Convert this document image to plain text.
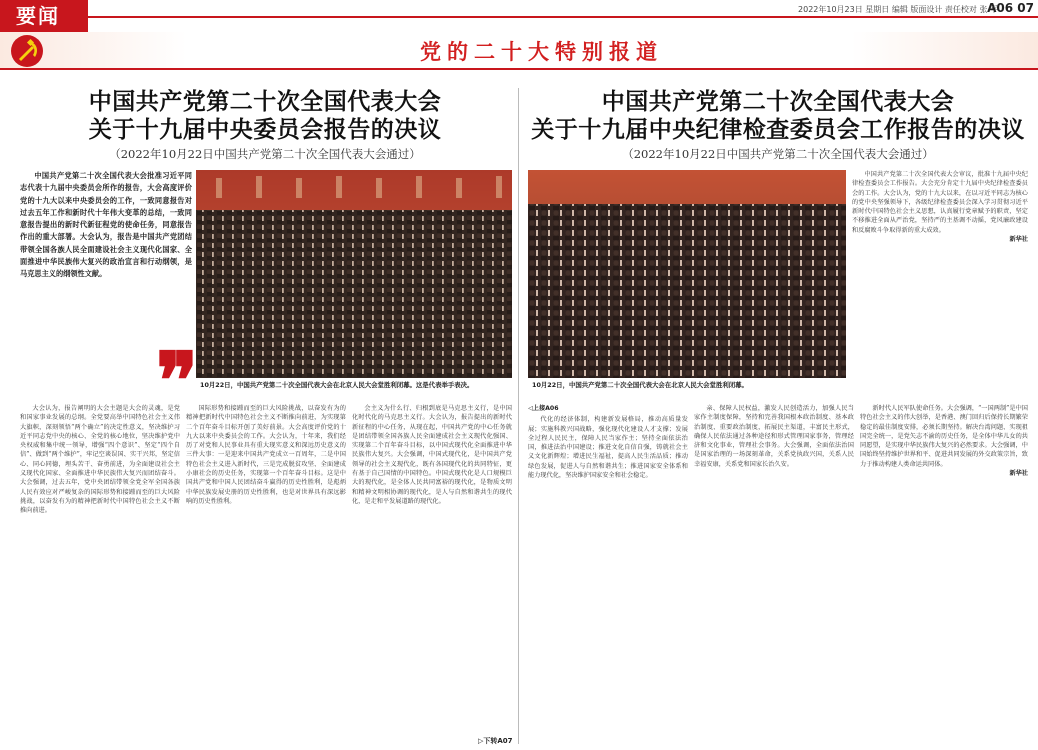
要闻	2022年10月23日 星期日 编辑 版面设计 责任校对 张 平
A06 07
党的二十大特别报道
中国共产党第二十次全国代表大会
关于十九届中央委员会报告的决议
（2022年10月22日中国共产党第二十次全国代表大会通过）

中国共产党第二十次全国代表大会批准习近平同志代表十九届中央委员会所作的报告，大会高度评价党的十九大以来中央委员会的工作，一致同意报告对过去五年工作和新时代十年伟大变革的总结，一致同意报告提出的新时代新征程党的使命任务，同意报告作出的重大部署。大会认为，报告是中国共产党团结带领全国各族人民全面建设社会主义现代化国家、全面推进中华民族伟大复兴的政治宣言和行动纲领，是马克思主义的纲领性文献。

❞ 10月22日，中国共产党第二十次全国代表大会在北京人民大会堂胜利闭幕。这是代表举手表决。

大会认为，报告阐明的大会主题是大会的灵魂，是党和国家事业发展的总纲。全党要高举中国特色社会主义伟大旗帜，深刻领悟“两个确立”的决定性意义，坚决维护习近平同志党中央的核心、全党的核心地位，坚决维护党中央权威和集中统一领导，增强“四个意识”、坚定“四个自信”、做到“两个维护”，牢记空谈误国、实干兴邦，坚定信心、同心同德，埋头苦干、奋勇前进，为全面建设社会主义现代化国家、全面推进中华民族伟大复兴而团结奋斗。大会强调，过去五年，党中央团结带领全党全军全国各族人民有效应对严峻复杂的国际形势和接踵而至的巨大风险挑战，以奋发有为的精神把新时代中国特色社会主义不断推向前进。

国际形势和接踵而至的巨大风险挑战，以奋发有为的精神把新时代中国特色社会主义不断推向前进，为实现第二个百年奋斗目标开创了美好前景。大会高度评价党的十九大以来中央委员会的工作。大会认为，十年来，我们经历了对党和人民事业具有重大现实意义和深远历史意义的三件大事：一是迎来中国共产党成立一百周年，二是中国特色社会主义进入新时代，三是完成脱贫攻坚、全面建成小康社会的历史任务，实现第一个百年奋斗目标。这是中国共产党和中国人民团结奋斗赢得的历史性胜利，是彪炳中华民族发展史册的历史性胜利，也是对世界具有深远影响的历史性胜利。

会主义为什么行、归根到底是马克思主义行，是中国化时代化的马克思主义行。大会认为，报告提出的新时代新征程的中心任务，从现在起，中国共产党的中心任务就是团结带领全国各族人民全面建成社会主义现代化强国、实现第二个百年奋斗目标，以中国式现代化全面推进中华民族伟大复兴。大会强调，中国式现代化，是中国共产党领导的社会主义现代化，既有各国现代化的共同特征，更有基于自己国情的中国特色。中国式现代化是人口规模巨大的现代化，是全体人民共同富裕的现代化，是物质文明和精神文明相协调的现代化，是人与自然和谐共生的现代化，是走和平发展道路的现代化。

▷下转A07
中国共产党第二十次全国代表大会
关于十九届中央纪律检查委员会工作报告的决议
（2022年10月22日中国共产党第二十次全国代表大会通过）
10月22日，中国共产党第二十次全国代表大会在北京人民大会堂胜利闭幕。

中国共产党第二十次全国代表大会审议，批准十九届中央纪律检查委员会工作报告。大会充分肯定十九届中央纪律检查委员会的工作。大会认为，党的十九大以来，在以习近平同志为核心的党中央坚强领导下，各级纪律检查委员会深入学习贯彻习近平新时代中国特色社会主义思想，认真履行党章赋予的职责，坚定不移推进全面从严治党，坚持严的主基调不动摇，党风廉政建设和反腐败斗争取得新的重大成效。

新华社

◁上接A06

代化的经济体制，构建新发展格局，推动高质量发展；实施科教兴国战略，强化现代化建设人才支撑；发展全过程人民民主，保障人民当家作主；坚持全面依法治国，推进法治中国建设；推进文化自信自强，铸就社会主义文化新辉煌；增进民生福祉，提高人民生活品质；推动绿色发展，促进人与自然和谐共生；推进国家安全体系和能力现代化，坚决维护国家安全和社会稳定。

亲、保障人民权益，激发人民创造活力，加强人民当家作主制度保障，坚持和完善我国根本政治制度、基本政治制度、重要政治制度，拓展民主渠道，丰富民主形式，确保人民依法通过各种途径和形式管理国家事务，管理经济和文化事业，管理社会事务。大会强调，全面依法治国是国家治理的一场深刻革命，关系党执政兴国，关系人民幸福安康，关系党和国家长治久安。

新时代人民军队使命任务。大会强调，“一国两制”是中国特色社会主义的伟大创举，是香港、澳门回归后保持长期繁荣稳定的最佳制度安排，必须长期坚持。解决台湾问题、实现祖国完全统一，是党矢志不渝的历史任务，是全体中华儿女的共同愿望，是实现中华民族伟大复兴的必然要求。大会强调，中国始终坚持维护世界和平、促进共同发展的外交政策宗旨，致力于推动构建人类命运共同体。

新华社
